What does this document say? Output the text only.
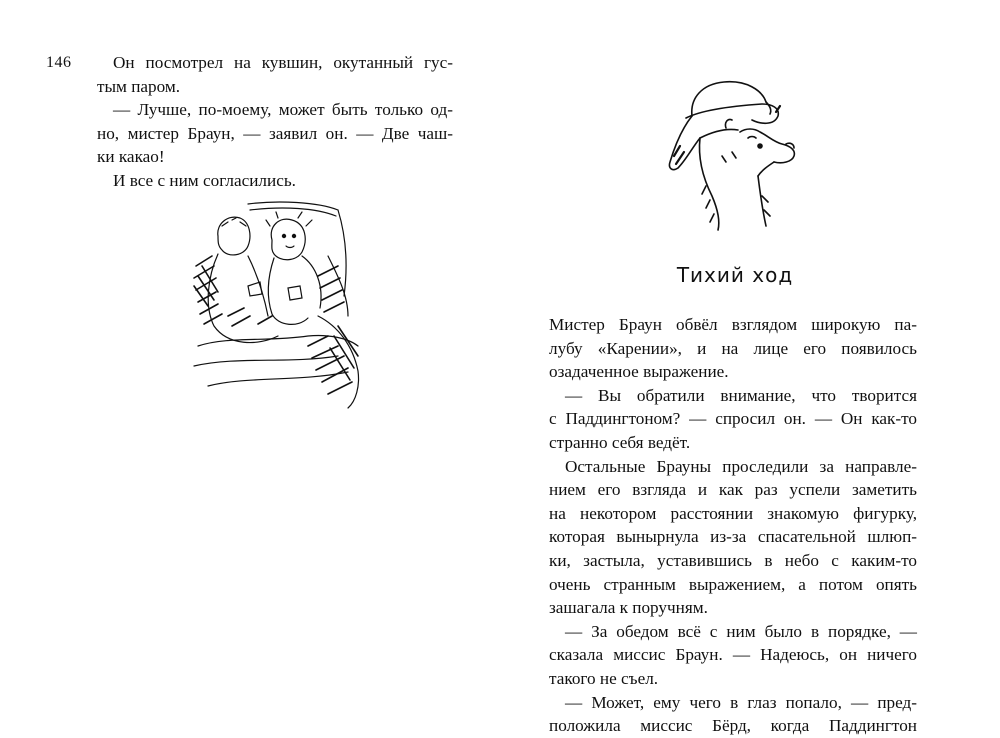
146	Он посмотрел на кувшин, окутанный гус-
тым паром.
— Лучше, по-моему, может быть только од-
но, мистер Браун, — заявил он. — Две чаш-
ки какао!
И все с ним согласились.
Тихий ход
Мистер Браун обвёл взглядом широкую па-
лубу «Карении», и на лице его появилось
озадаченное выражение.
— Вы обратили внимание, что творится
с Паддингтоном? — спросил он. — Он как-то
странно себя ведёт.
Остальные Брауны проследили за направле-
нием его взгляда и как раз успели заметить
на некотором расстоянии знакомую фигурку,
которая вынырнула из-за спасательной шлюп-
ки, застыла, уставившись в небо с каким-то
очень странным выражением, а потом опять
зашагала к поручням.
— За обедом всё с ним было в порядке, —
сказала миссис Браун. — Надеюсь, он ничего
такого не съел.
— Может, ему чего в глаз попало, — пред-
положила миссис Бёрд, когда Паддингтон
